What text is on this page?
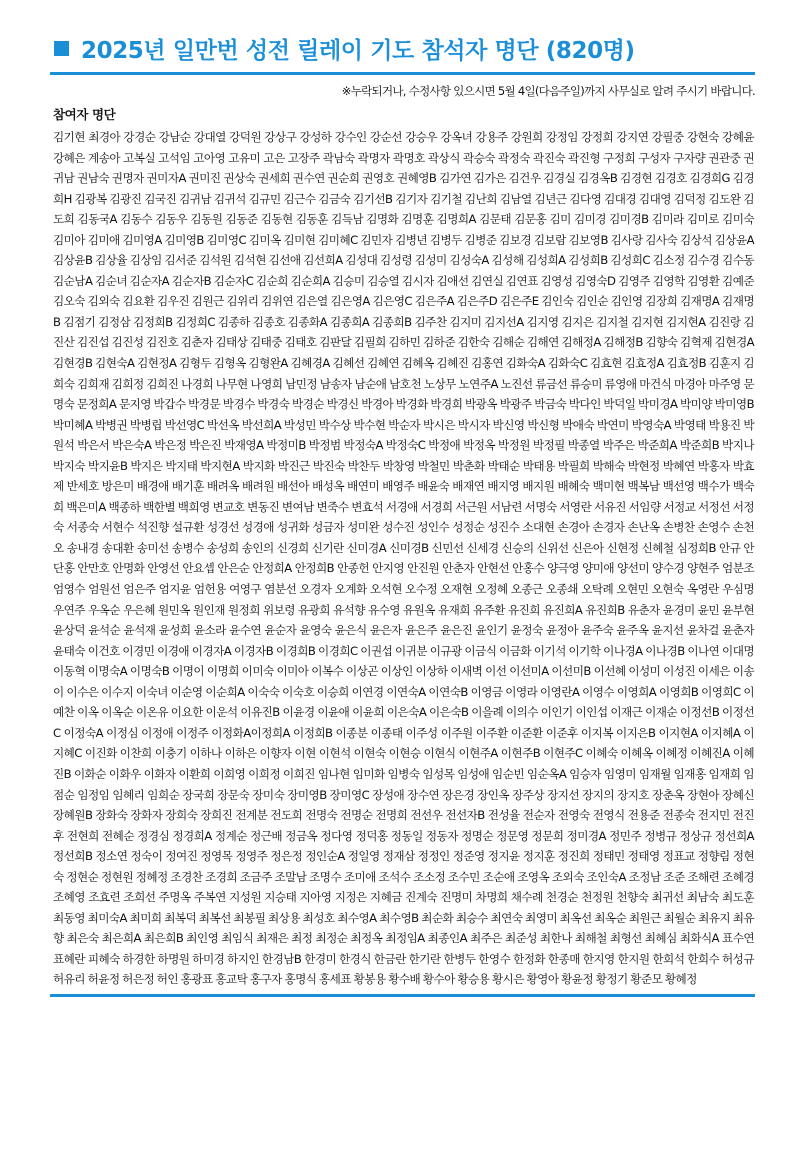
2025년 일만번 성전 릴레이 기도 참석자 명단 (820명)
※누락되거나, 수정사항 있으시면 5월 4일(다음주일)까지 사무실로 알려 주시기 바랍니다.
참여자 명단
김기현 최경아 강경순 강남순 강대열 강덕원 강상구 강성하 강수인 강순선 강승우 강옥녀 강용주 강원희 강정임 강정희 강지연 강필중 강현숙 강혜윤 강혜은 계송아 고복실 고석임 고아영 고유미 고은 고장주 곽남숙 곽명자 곽명호 곽상식 곽승숙 곽정숙 곽진숙 곽진형 구정희 구성자 구자량 권관중 권귀남 권남숙 권명자 권미자A 권미진 권상숙 권세희 권수연 권순희 권영호 권혜영B 김가연 김가은 김건우 김경실 김경옥B 김경현 김경호 김경희G 김경희H 김광복 김광진 김국진 김귀남 김귀석 김규민 김근수 김금숙 김기선B 김기자 김기철 김난희 김남열 김년근 김다영 김대경 김대영 김덕정 김도완 김도희 김동국A 김동수 김동우 김동원 김동준 김동현 김동훈 김득남 김명화 김명훈 김명희A 김문태 김문홍 김미 김미경 김미경B 김미라 김미로 김미숙 김미아 김미애 김미영A 김미영B 김미영C 김미옥 김미현 김미혜C 김민자 김병년 김병두 김병준 김보경 김보람 김보영B 김사랑 김사숙 김상석 김상윤A 김상윤B 김상율 김상임 김서준 김석원 김석현 김선애 김선희A 김성대 김성령 김성미 김성숙A 김성해 김성희A 김성희B 김성희C 김소정 김수경 김수동 김순남A 김순녀 김순자A 김순자B 김순자C 김순희 김순희A 김승미 김승열 김시자 김애선 김연실 김연표 김영성 김영숙D 김영주 김영학 김영환 김예준 김오숙 김외숙 김요환 김우진 김원근 김위리 김위연 김은열 김은영A 김은영C 김은주A 김은주D 김은주E 김인숙 김인순 김인영 김장희 김재명A 김재명B 김점기 김정삼 김정희B 김정희C 김종하 김종호 김종화A 김종희A 김종희B 김주찬 김지미 김지선A 김지영 김지은 김지철 김지현 김지현A 김진랑 김진산 김진섭 김진성 김진호 김춘자 김태상 김태중 김태호 김판달 김필희 김하민 김하준 김한숙 김해순 김해연 김해정A 김해정B 김향숙 김혁제 김현경A 김현경B 김현숙A 김현정A 김형두 김형옥 김형완A 김혜경A 김혜선 김혜연 김혜옥 김혜진 김홍연 김화숙A 김화숙C 김효현 김효정A 김효정B 김훈지 김희숙 김희재 김희정 김희진 나경희 나무현 나영희 남민정 남송자 남순애 남호천 노상무 노연주A 노진선 류금선 류승미 류영애 마건식 마경아 마주영 문명숙 문정희A 문지영 박갑수 박경문 박경수 박경숙 박경순 박경신 박경아 박경화 박경희 박광옥 박광주 박금숙 박다인 박덕일 박미경A 박미양 박미영B 박미혜A 박병권 박병립 박선영C 박선옥 박선희A 박성민 박수상 박수현 박순자 박시은 박시자 박신영 박신형 박애숙 박연미 박영숙A 박영태 박용진 박원석 박은서 박은숙A 박은정 박은진 박재영A 박정미B 박정범 박정숙A 박정숙C 박정애 박정옥 박정원 박정필 박종열 박주은 박준희A 박준희B 박지나 박지숙 박지윤B 박지은 박지태 박지현A 박지화 박진근 박진숙 박찬두 박창영 박철민 박춘화 박태순 박태용 박필희 박해숙 박현정 박혜연 박홍자 박효제 반세호 방은미 배경애 배기훈 배려옥 배려원 배선아 배성옥 배연미 배영주 배윤숙 배재연 배지영 배지원 배혜숙 백미현 백복남 백선영 백수가 백숙희 백은미A 백종하 백한별 백희영 변교호 변동진 변여남 변죽수 변효석 서경애 서경희 서근원 서남련 서명숙 서영란 서유진 서임량 서정교 서정선 서정숙 서종숙 서현수 석진향 설규환 성경선 성경애 성귀화 성금자 성미완 성수진 성인수 성정순 성진수 소대현 손경아 손경자 손난옥 손병찬 손영수 손천오 송내경 송대환 송미선 송병수 송성희 송인의 신경희 신기란 신미경A 신미경B 신민선 신세경 신승의 신위선 신은아 신현정 신혜철 심정희B 안규 안단홍 안만호 안명화 안영선 안요셉 안은순 안정희A 안정희B 안종헌 안지영 안진원 안춘자 안현선 안홍수 양극영 양미애 양선미 양수경 양현주 엄분조 엄영수 엄원선 엄은주 엄지윤 엄헌용 여영구 염분선 오경자 오계화 오석현 오수정 오재현 오정혜 오종근 오종쇄 오탁례 오현민 오현숙 옥영란 우심명 우연주 우옥순 우은혜 원민옥 원인재 원정희 위보령 유광희 유석향 유수영 유원옥 유재희 유주환 유진희 유진희A 유진희B 유춘자 윤경미 윤민 윤부현 윤상덕 윤석순 윤석재 윤성희 윤소라 윤수연 윤순자 윤영숙 윤은식 윤은자 윤은주 윤은진 윤인기 윤정숙 윤정아 윤주숙 윤주옥 윤지선 윤차걸 윤춘자 윤태숙 이건호 이경민 이경애 이경자A 이경자B 이경희B 이경희C 이권섭 이귀분 이규광 이금식 이금화 이기석 이기학 이나경A 이나경B 이나연 이대명 이동혁 이명숙A 이명숙B 이명이 이명희 이미숙 이미아 이복수 이상곤 이상인 이상하 이새벽 이선 이선미A 이선미B 이선혜 이성미 이성진 이세은 이송이 이수은 이수지 이숙녀 이순영 이순희A 이숙숙 이숙호 이승희 이연경 이연숙A 이연숙B 이영금 이영라 이영란A 이영수 이영희A 이영희B 이영희C 이예찬 이옥 이옥순 이온유 이요한 이운석 이유진B 이윤경 이윤애 이윤희 이은숙A 이은숙B 이을례 이의수 이인기 이인섭 이재근 이재순 이정선B 이정선C 이정숙A 이정심 이정애 이정주 이정화A이정희A 이정희B 이종분 이종태 이주성 이주원 이주환 이준환 이준후 이지복 이지은B 이지현A 이지혜A 이지혜C 이진화 이찬희 이충기 이하나 이하은 이향자 이현 이현석 이현숙 이현승 이현식 이현주A 이현주B 이현주C 이혜숙 이혜옥 이혜정 이혜진A 이혜진B 이화순 이화우 이화자 이환희 이희영 이희정 이희진 임나현 임미화 임병숙 임성목 임성애 임순빈 임순옥A 임승자 임영미 임재월 임재홍 임재희 임점순 임정임 임혜리 임희순 장국희 장문숙 장미숙 장미영B 장미영C 장성애 장수연 장은경 장인옥 장주상 장지선 장지의 장지호 장춘옥 장현아 장혜신 장혜원B 장화숙 장화자 장희숙 장희진 전계분 전도희 전명숙 전명순 전명희 전선우 전선자B 전성율 전순자 전영숙 전영식 전용준 전종숙 전지민 전진후 전현희 전혜순 정경심 정경희A 정계순 정근배 정금옥 정다영 정덕홍 정동일 정동자 정명순 정문영 정문희 정미경A 정민주 정병규 정상규 정선희A 정선희B 정소연 정숙이 정여진 정영목 정영주 정은정 정인순A 정일영 정재삼 정정인 정준영 정지윤 정지훈 정진희 정태민 정태영 정표교 정향림 정현숙 정현순 정현원 정혜정 조경찬 조경희 조금주 조말남 조명수 조미애 조석수 조소정 조수민 조순애 조영옥 조외숙 조인숙A 조정남 조준 조해련 조혜경 조혜영 조효련 조희선 주명옥 주복연 지성원 지승태 지아영 지정은 지혜금 진계숙 진명미 차명희 채수례 천경순 천정원 천향숙 최귀선 최남숙 최도훈 최동영 최미숙A 최미희 최복덕 최복선 최봉필 최상용 최성호 최수영A 최수영B 최순화 최승수 최연숙 최영미 최옥선 최옥순 최원근 최월순 최유지 최유향 최은숙 최은희A 최은희B 최인영 최임식 최재은 최정 최정순 최정옥 최정임A 최종인A 최주은 최준성 최한나 최해철 최형선 최혜심 최화식A 표수연 표혜란 피혜숙 하경한 하명원 하미경 하지인 한경남B 한경미 한경식 한금란 한기란 한병두 한영수 한정화 한종매 한지영 한지원 한희석 한희수 허성규 허유리 허윤정 허은정 허인 홍광표 홍교탁 홍구자 홍명식 홍세표 황봉용 황수배 황수아 황승용 황시은 황영아 황윤정 황정기 황준모 황혜정
